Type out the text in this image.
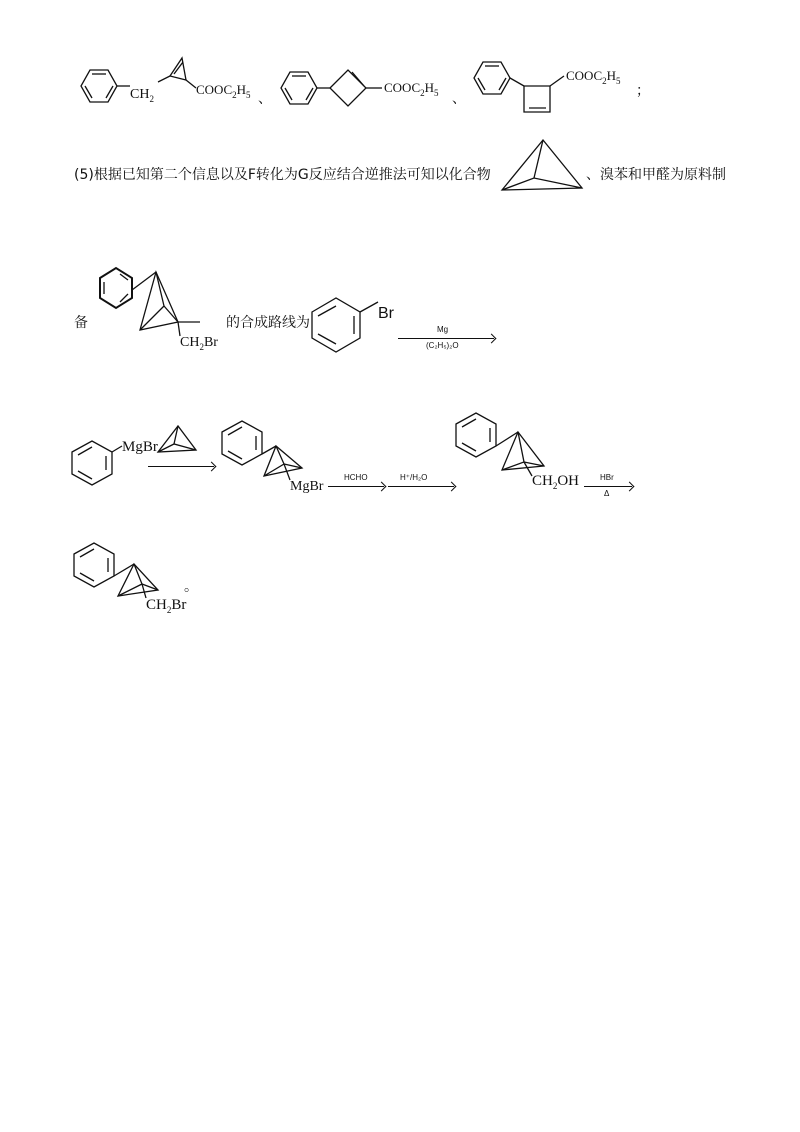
$CH_2$
$COOC_2H_5$ 、
$COOC_2H_5$ 、
$COOC_2H_5$
；
(5)根据已知第二个信息以及F转化为G反应结合逆推法可知以化合物	、溴苯和甲醛为原料制
备
$CH_2Br$
的合成路线为
Br
Mg
(C₂H₅)₂O
MgBr
MgBr
HCHO	H⁺/H₂O	$CH_2OH$	HBr
Δ
$CH_2Br$
。
